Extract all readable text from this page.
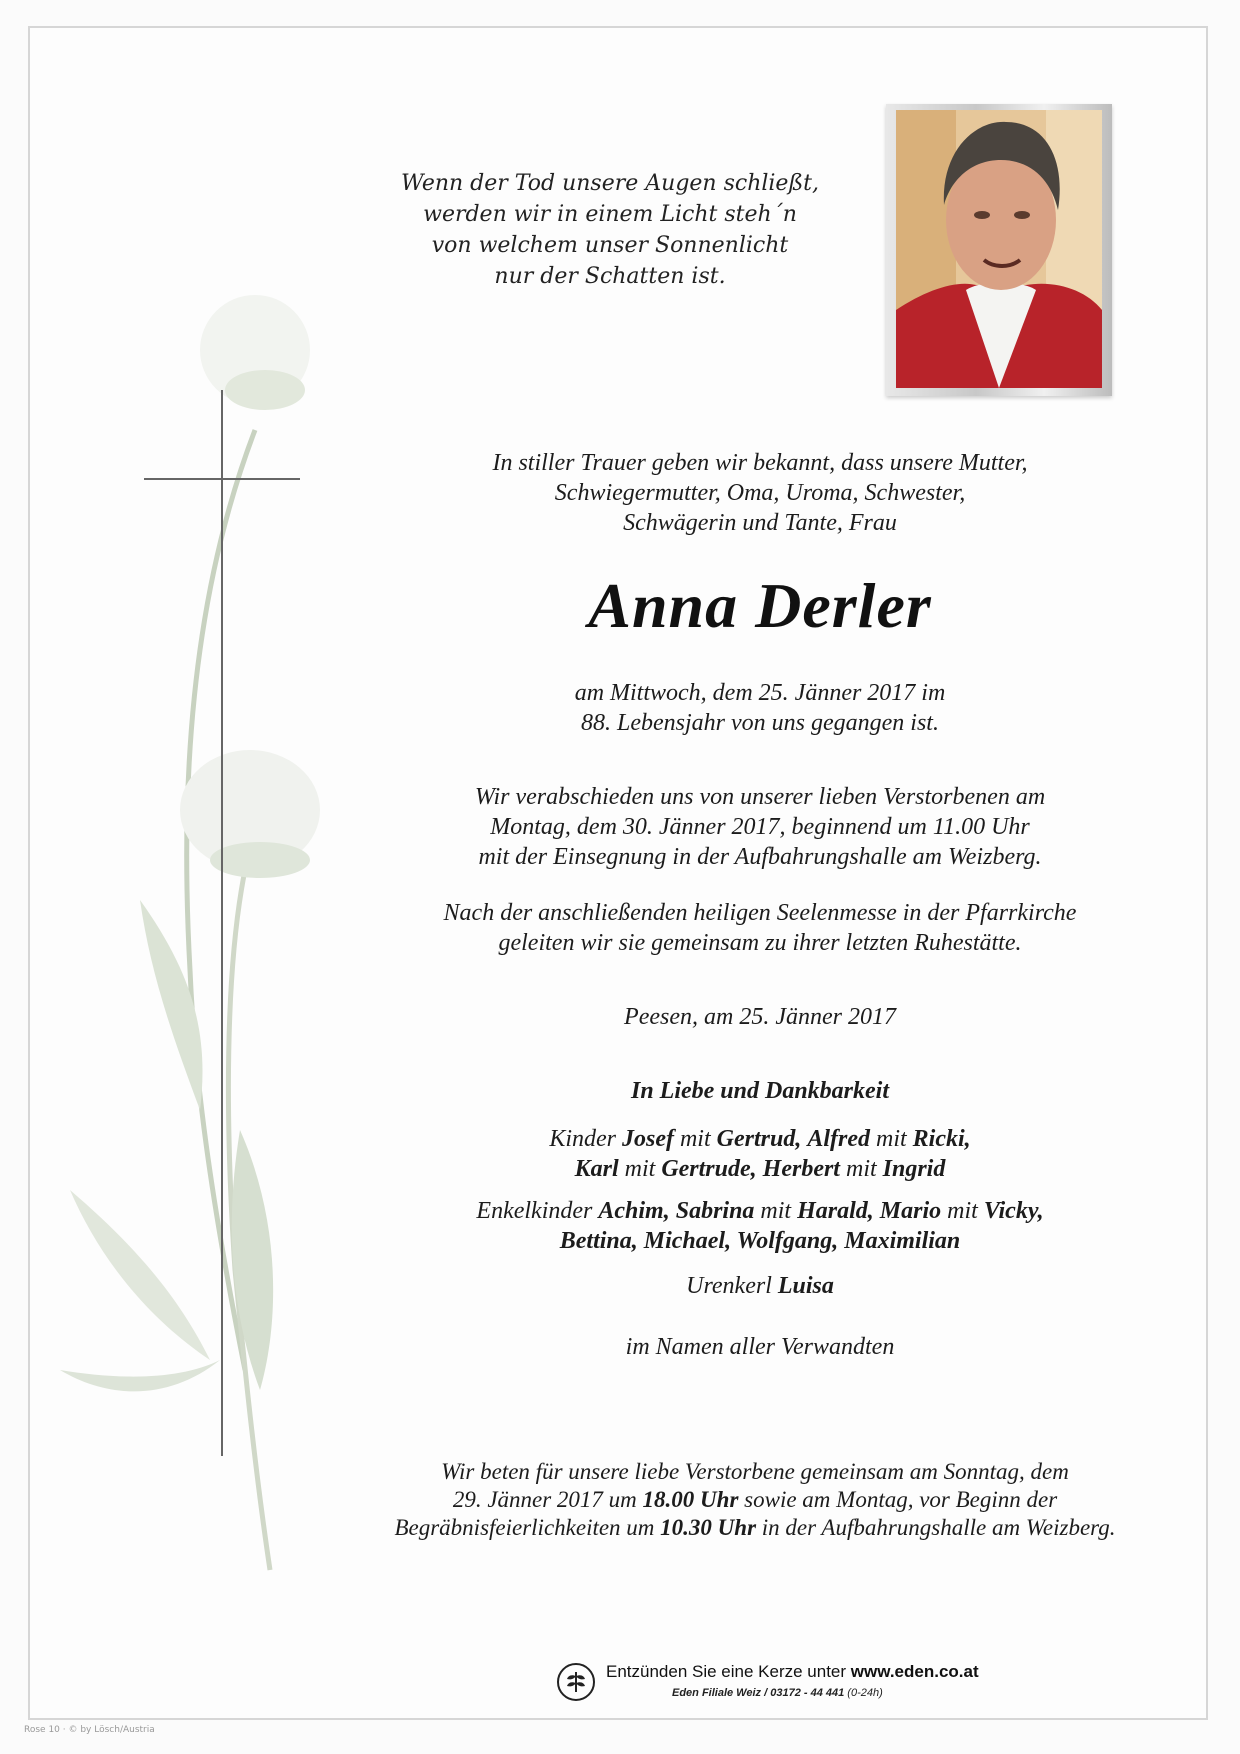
Wenn der Tod unsere Augen schließt,

werden wir in einem Licht steh´n

von welchem unser Sonnenlicht

nur der Schatten ist.

In stiller Trauer geben wir bekannt, dass unsere Mutter,

Schwiegermutter, Oma, Uroma, Schwester,

Schwägerin und Tante, Frau

Anna Derler

am Mittwoch, dem 25. Jänner 2017 im

88. Lebensjahr von uns gegangen ist.

Wir verabschieden uns von unserer lieben Verstorbenen am

Montag, dem 30. Jänner 2017, beginnend um 11.00 Uhr

mit der Einsegnung in der Aufbahrungshalle am Weizberg.

Nach der anschließenden heiligen Seelenmesse in der Pfarrkirche

geleiten wir sie gemeinsam zu ihrer letzten Ruhestätte.

Peesen, am 25. Jänner 2017
In Liebe und Dankbarkeit

Kinder Josef mit Gertrud, Alfred mit Ricki,

Karl mit Gertrude, Herbert mit Ingrid

Enkelkinder Achim, Sabrina mit Harald, Mario mit Vicky,

Bettina, Michael, Wolfgang, Maximilian

Urenkerl Luisa
im Namen aller Verwandten

Wir beten für unsere liebe Verstorbene gemeinsam am Sonntag, dem

29. Jänner 2017 um 18.00 Uhr sowie am Montag, vor Beginn der

Begräbnisfeierlichkeiten um 10.30 Uhr in der Aufbahrungshalle am Weizberg.

Entzünden Sie eine Kerze unter www.eden.co.at
Eden Filiale Weiz / 03172 - 44 441 (0-24h)
Rose 10 · © by Lösch/Austria
